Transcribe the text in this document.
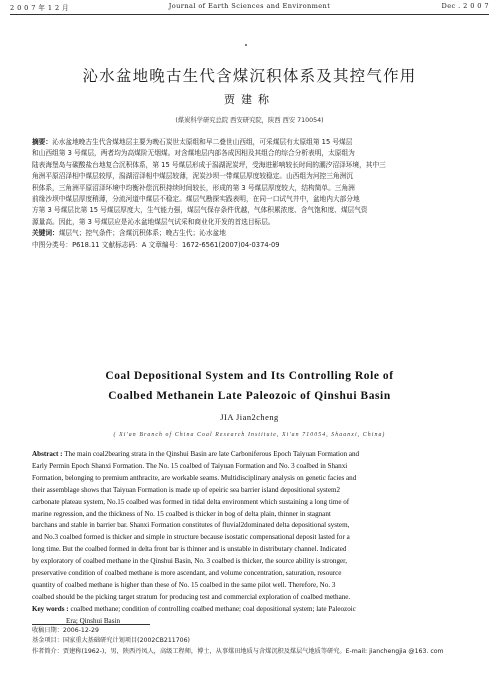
2 0 0 7 年 1 2 月	Journal of Earth Sciences and Environment	Dec . 2 0 0 7
沁水盆地晚古生代含煤沉积体系及其控气作用
贾建称
(煤炭科学研究总院 西安研究院，陕西 西安 710054)
摘要：沁水盆地晚古生代含煤地层主要为晚石炭世太原组和早二叠世山西组，可采煤层有太原组第 15 号煤层
和山西组第 3 号煤层，两者均为高煤阶无烟煤。对含煤地层内部各成因相及其组合的综合分析表明，太原组为
陆表海堡岛与碳酸盐台地复合沉积体系，第 15 号煤层形成于潟湖泥炭坪，受海进影响较长时间的潮汐沼泽环境，其中三
角洲平原沼泽相中煤层较厚，潟湖沼泽相中煤层较薄，泥炭沙坝一带煤层厚度较稳定。山西组为河控三角洲沉
积体系，三角洲平原沼泽环境中均衡补偿沉积持续时间较长，形成的第 3 号煤层厚度较大，结构简单。三角洲
前缘沙坝中煤层厚度稍薄，分流河道中煤层不稳定。煤层气勘探实践表明，在同一口试气井中，盆地内大部分地
方第 3 号煤层比第 15 号煤层厚度大，生气能力强，煤层气保存条件优越，气体积累浓度、含气饱和度、煤层气资
源量高。因此，第 3 号煤层应是沁水盆地煤层气试采和商业化开发的首选目标层。
关键词：煤层气；控气条件；含煤沉积体系；晚古生代；沁水盆地
中图分类号：P618.11 文献标志码：A 文章编号：1672-6561(2007)04-0374-09
Coal Depositional System and Its Controlling Role of
Coalbed Methanein Late Paleozoic of Qinshui Basin
JIA Jian2cheng
( Xi'an Branch of China Coal Research Institute, Xi'an 710054, Shaanxi, China)
Abstract : The main coal2bearing strata in the Qinshui Basin are late Carboniferous Epoch Taiyuan Formation and
Early Permin Epoch Shanxi Formation. The No. 15 coalbed of Taiyuan Formation and No. 3 coalbed in Shanxi
Formation, belonging to premium anthracite, are workable seams. Multidisciplinary analysis on genetic facies and
their assemblage shows that Taiyuan Formation is made up of epeiric sea barrier island depositional system2
carbonate plateau system, No.15 coalbed was formed in tidal delta environment which sustaining a long time of
marine regression, and the thickness of No. 15 coalbed is thicker in bog of delta plain, thinner in stagnant
barchans and stable in barrier bar. Shanxi Formation constitutes of fluvial2dominated delta depositional system,
and No.3 coalbed formed is thicker and simple in structure because isostatic compensational deposit lasted for a
long time. But the coalbed formed in delta front bar is thinner and is unstable in distributary channel. Indicated
by exploratory of coalbed methane in the Qinshui Basin, No. 3 coalbed is thicker, the source ability is stronger,
preservative condition of coalbed methane is more ascendant, and volume concentration, saturation, resource
quantity of coalbed methane is higher than these of No. 15 coalbed in the same pilot well. Therefore, No. 3
coalbed should be the picking target stratum for producing test and commercial exploration of coalbed methane.
Key words : coalbed methane; condition of controlling coalbed methane; coal depositional system; late Paleozoic
Era; Qinshui Basin
收稿日期：2006-12-29
基金项目：国家重大基础研究计划项目(2002CB211706)
作者简介：贾建称(1962-)，男，陕西丹凤人，高级工程师，博士，从事煤田地质与含煤沉积及煤层气地质等研究。E-mail: jianchengjia @163. com
